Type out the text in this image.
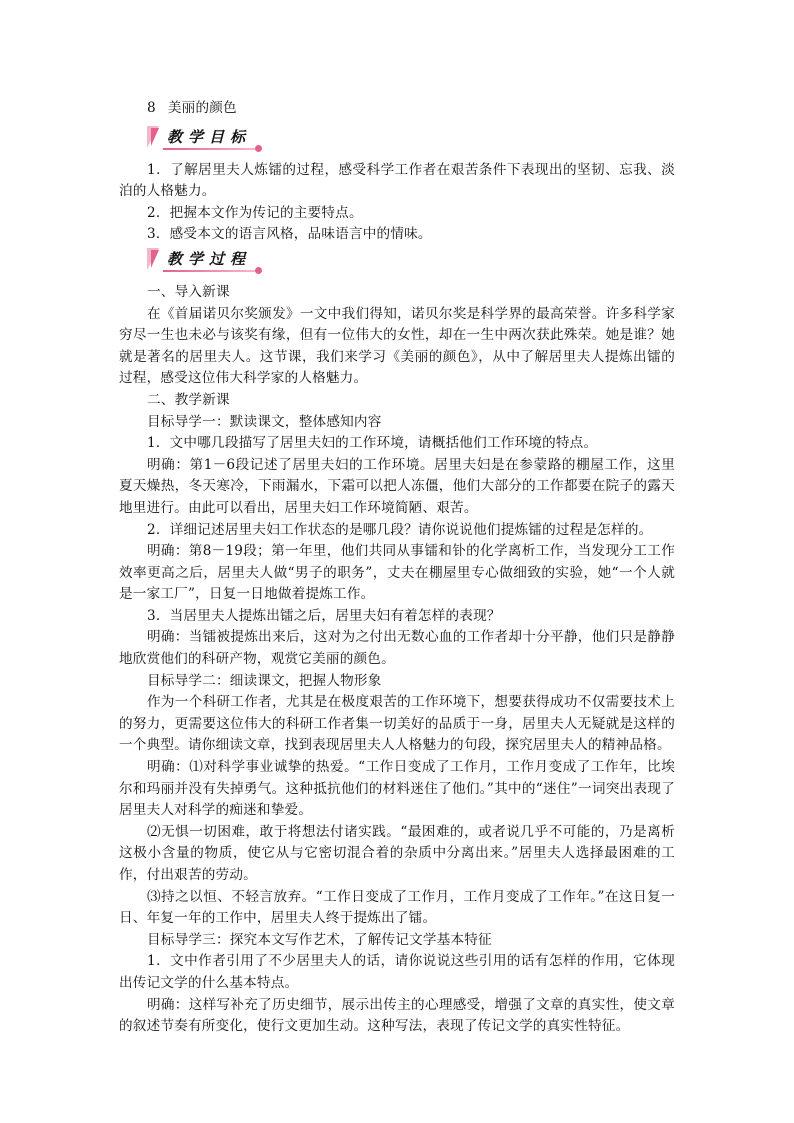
8 美丽的颜色
教学目标

1．了解居里夫人炼镭的过程，感受科学工作者在艰苦条件下表现出的坚韧、忘我、淡泊的人格魅力。

2．把握本文作为传记的主要特点。

3．感受本文的语言风格，品味语言中的情味。

教学过程

一、导入新课

在《首届诺贝尔奖颁发》一文中我们得知，诺贝尔奖是科学界的最高荣誉。许多科学家穷尽一生也未必与该奖有缘，但有一位伟大的女性，却在一生中两次获此殊荣。她是谁？她就是著名的居里夫人。这节课，我们来学习《美丽的颜色》，从中了解居里夫人提炼出镭的过程，感受这位伟大科学家的人格魅力。

二、教学新课

目标导学一：默读课文，整体感知内容

1．文中哪几段描写了居里夫妇的工作环境，请概括他们工作环境的特点。

明确：第1－6段记述了居里夫妇的工作环境。居里夫妇是在参蒙路的棚屋工作，这里夏天燥热，冬天寒冷，下雨漏水，下霜可以把人冻僵，他们大部分的工作都要在院子的露天地里进行。由此可以看出，居里夫妇工作环境简陋、艰苦。

2．详细记述居里夫妇工作状态的是哪几段？请你说说他们提炼镭的过程是怎样的。

明确：第8－19段；第一年里，他们共同从事镭和钋的化学离析工作，当发现分工工作效率更高之后，居里夫人做“男子的职务”，丈夫在棚屋里专心做细致的实验，她“一个人就是一家工厂”，日复一日地做着提炼工作。

3．当居里夫人提炼出镭之后，居里夫妇有着怎样的表现？

明确：当镭被提炼出来后，这对为之付出无数心血的工作者却十分平静，他们只是静静地欣赏他们的科研产物，观赏它美丽的颜色。

目标导学二：细读课文，把握人物形象

作为一个科研工作者，尤其是在极度艰苦的工作环境下，想要获得成功不仅需要技术上的努力，更需要这位伟大的科研工作者集一切美好的品质于一身，居里夫人无疑就是这样的一个典型。请你细读文章，找到表现居里夫人人格魅力的句段，探究居里夫人的精神品格。

明确：⑴对科学事业诚挚的热爱。“工作日变成了工作月，工作月变成了工作年，比埃尔和玛丽并没有失掉勇气。这种抵抗他们的材料迷住了他们。”其中的“迷住”一词突出表现了居里夫人对科学的痴迷和挚爱。

⑵无惧一切困难，敢于将想法付诸实践。“最困难的，或者说几乎不可能的，乃是离析这极小含量的物质，使它从与它密切混合着的杂质中分离出来。”居里夫人选择最困难的工作，付出艰苦的劳动。

⑶持之以恒、不轻言放弃。“工作日变成了工作月，工作月变成了工作年。”在这日复一日、年复一年的工作中，居里夫人终于提炼出了镭。

目标导学三：探究本文写作艺术，了解传记文学基本特征

1．文中作者引用了不少居里夫人的话，请你说说这些引用的话有怎样的作用，它体现出传记文学的什么基本特点。

明确：这样写补充了历史细节，展示出传主的心理感受，增强了文章的真实性，使文章的叙述节奏有所变化，使行文更加生动。这种写法，表现了传记文学的真实性特征。
